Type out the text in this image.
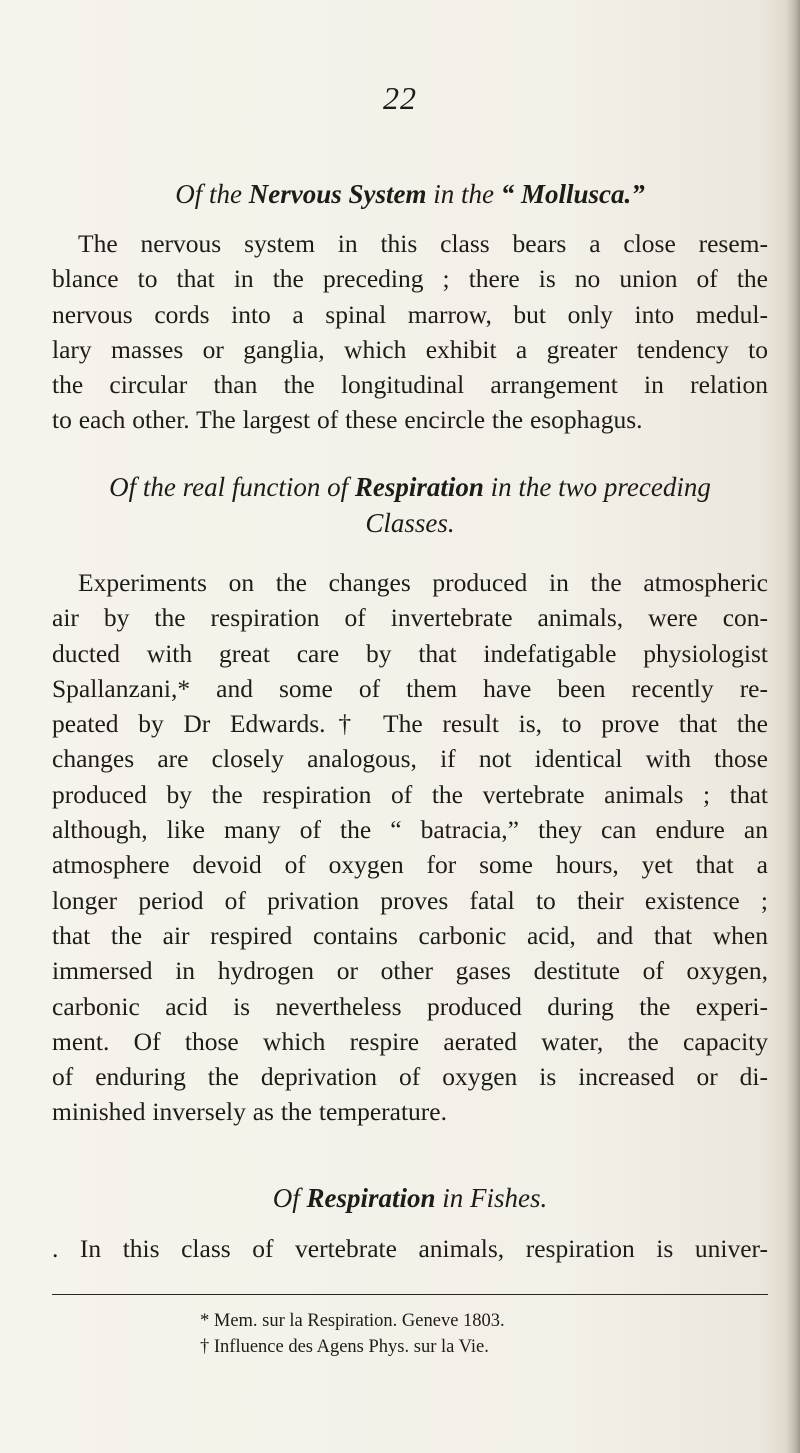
22
Of the Nervous System in the “ Mollusca.”
The nervous system in this class bears a close resem-
blance to that in the preceding ; there is no union of the
nervous cords into a spinal marrow, but only into medul-
lary masses or ganglia, which exhibit a greater tendency to
the circular than the longitudinal arrangement in relation
to each other. The largest of these encircle the esophagus.
Of the real function of Respiration in the two preceding
Classes.
Experiments on the changes produced in the atmospheric
air by the respiration of invertebrate animals, were con-
ducted with great care by that indefatigable physiologist
Spallanzani,* and some of them have been recently re-
peated by Dr Edwards.† The result is, to prove that the
changes are closely analogous, if not identical with those
produced by the respiration of the vertebrate animals ; that
although, like many of the “ batracia,” they can endure an
atmosphere devoid of oxygen for some hours, yet that a
longer period of privation proves fatal to their existence ;
that the air respired contains carbonic acid, and that when
immersed in hydrogen or other gases destitute of oxygen,
carbonic acid is nevertheless produced during the experi-
ment. Of those which respire aerated water, the capacity
of enduring the deprivation of oxygen is increased or di-
minished inversely as the temperature.
Of Respiration in Fishes.
. In this class of vertebrate animals, respiration is univer-
* Mem. sur la Respiration. Geneve 1803.
† Influence des Agens Phys. sur la Vie.
